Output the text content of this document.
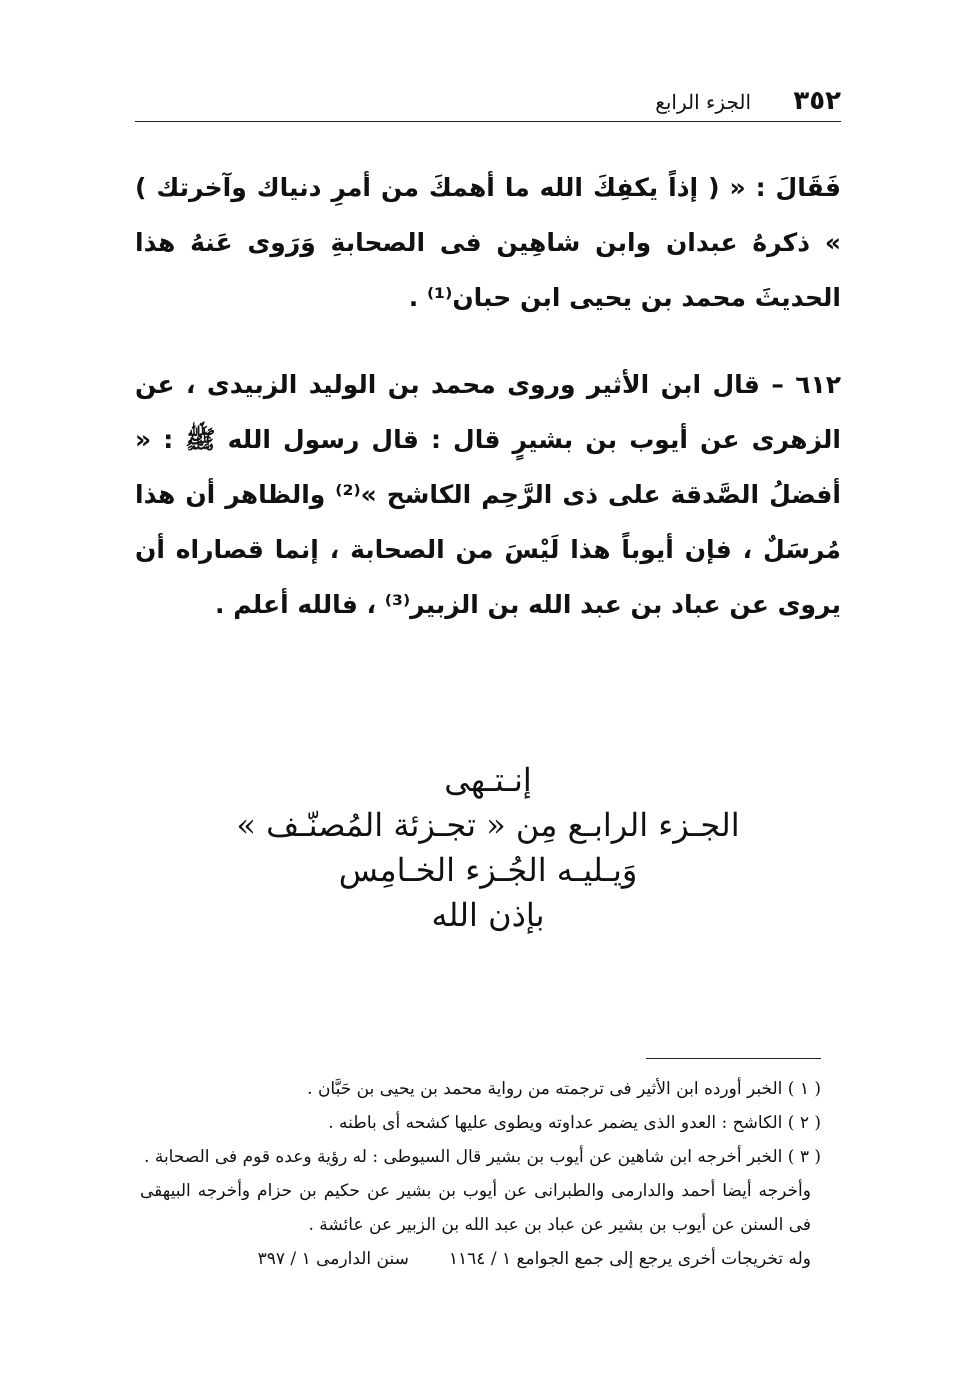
٣٥٢
الجزء الرابع

فَقَالَ : « ( إذاً يكفِكَ الله ما أهمكَ من أمرِ دنياك وآخرتك ) » ذكرهُ عبدان وابن شاهِين فى الصحابةِ وَرَوى عَنهُ هذا الحديثَ محمد بن يحيى ابن حبان⁽¹⁾ .

٦١٢ – قال ابن الأثير وروى محمد بن الوليد الزبيدى ، عن الزهرى عن أيوب بن بشيرٍ قال : قال رسول الله ﷺ : « أفضلُ الصَّدقة على ذى الرَّحِم الكاشح »⁽²⁾ والظاهر أن هذا مُرسَلٌ ، فإن أيوباً هذا لَيْسَ من الصحابة ، إنما قصاراه أن يروى عن عباد بن عبد الله بن الزبير⁽³⁾ ، فالله أعلم .

إنـتـهى
الجـزء الرابـع مِن « تجـزئة المُصنّـف »
وَيـليـه الجُـزء الخـامِس
بإذن الله

( ١ ) الخبر أورده ابن الأثير فى ترجمته من رواية محمد بن يحيى بن حَبَّان .

( ٢ ) الكاشح : العدو الذى يضمر عداوته ويطوى عليها كشحه أى باطنه .

( ٣ ) الخبر أخرجه ابن شاهين عن أيوب بن بشير قال السيوطى : له رؤية وعده قوم فى الصحابة .

وأخرجه أيضا أحمد والدارمى والطبرانى عن أيوب بن بشير عن حكيم بن حزام وأخرجه البيهقى فى السنن عن أيوب بن بشير عن عباد بن عبد الله بن الزبير عن عائشة .

وله تخريجات أخرى يرجع إلى جمع الجوامع ١ / ١١٦٤سنن الدارمى ١ / ٣٩٧
